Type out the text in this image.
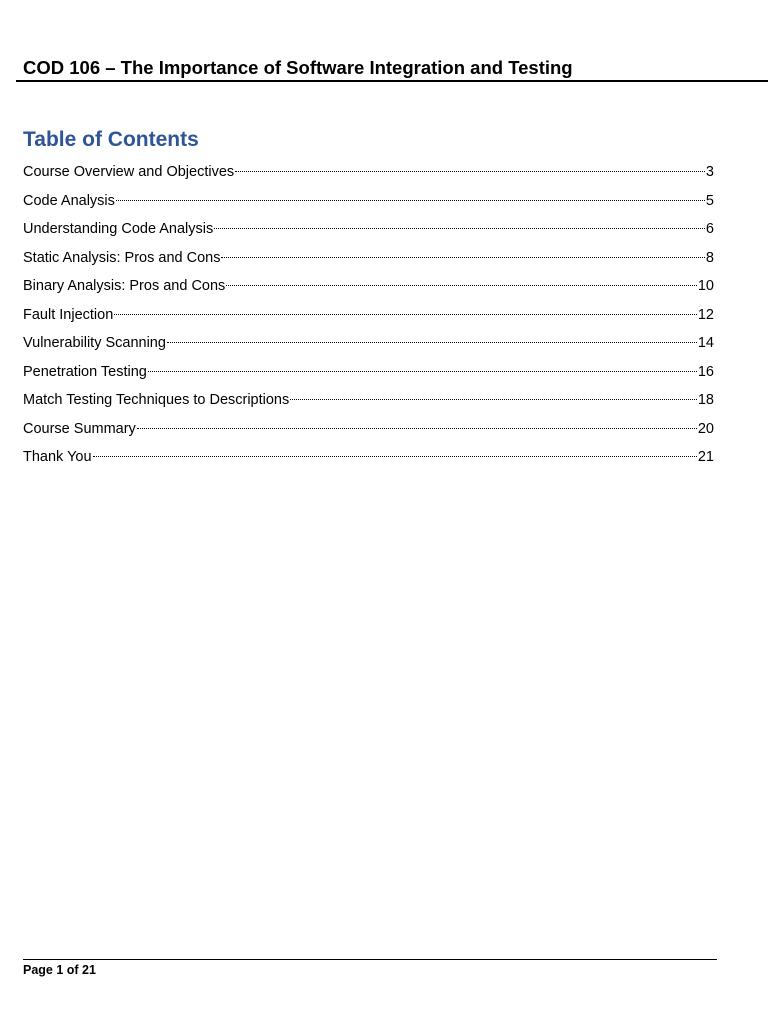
COD 106 – The Importance of Software Integration and Testing
Table of Contents
Course Overview and Objectives	3
Code Analysis	5
Understanding Code Analysis	6
Static Analysis: Pros and Cons	8
Binary Analysis: Pros and Cons	10
Fault Injection	12
Vulnerability Scanning	14
Penetration Testing	16
Match Testing Techniques to Descriptions	18
Course Summary	20
Thank You	21
Page 1 of 21
